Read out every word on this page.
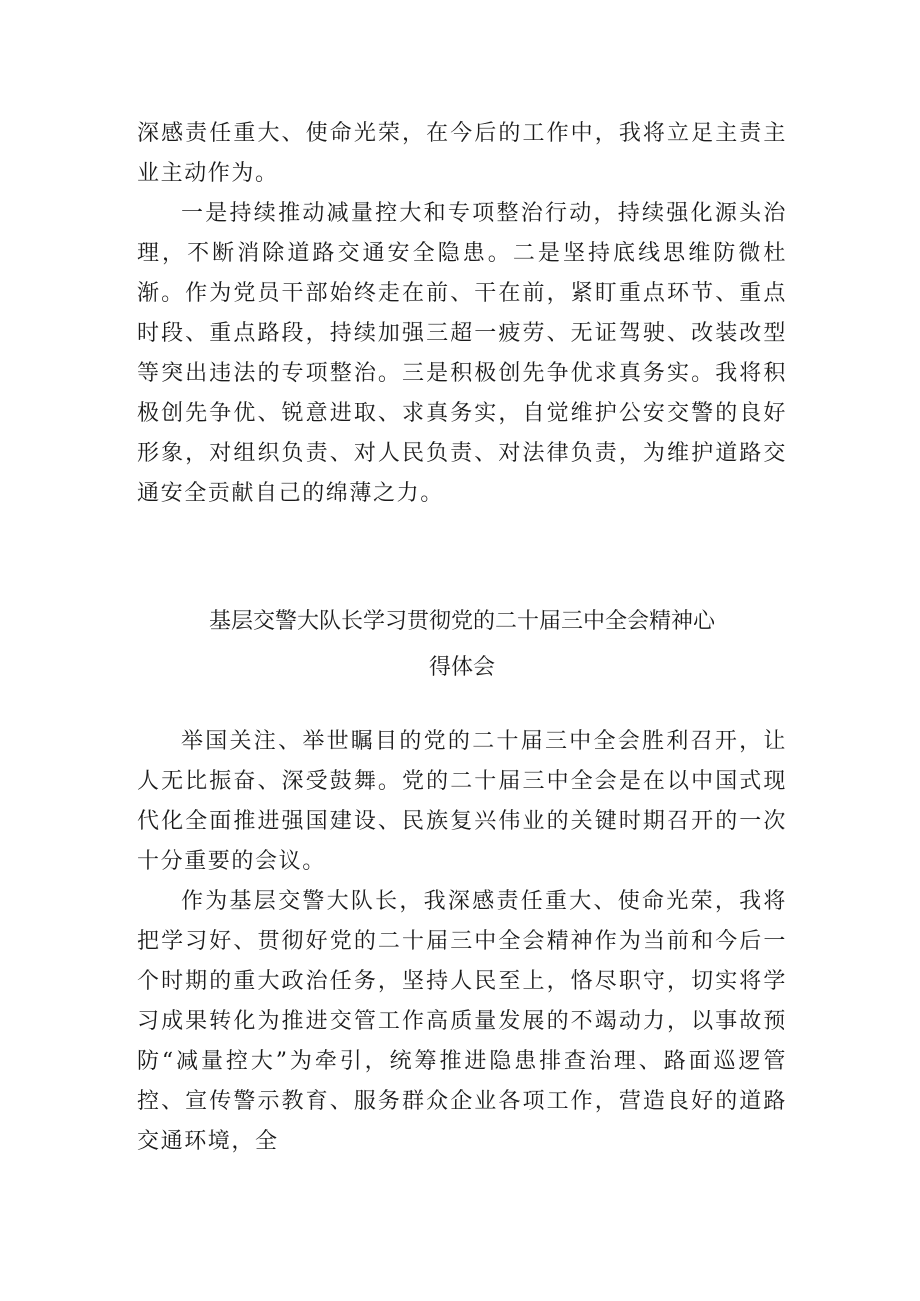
深感责任重大、使命光荣，在今后的工作中，我将立足主责主业主动作为。

一是持续推动减量控大和专项整治行动，持续强化源头治理，不断消除道路交通安全隐患。二是坚持底线思维防微杜渐。作为党员干部始终走在前、干在前，紧盯重点环节、重点时段、重点路段，持续加强三超一疲劳、无证驾驶、改装改型等突出违法的专项整治。三是积极创先争优求真务实。我将积极创先争优、锐意进取、求真务实，自觉维护公安交警的良好形象，对组织负责、对人民负责、对法律负责，为维护道路交通安全贡献自己的绵薄之力。

基层交警大队长学习贯彻党的二十届三中全会精神心
得体会

举国关注、举世瞩目的党的二十届三中全会胜利召开，让人无比振奋、深受鼓舞。党的二十届三中全会是在以中国式现代化全面推进强国建设、民族复兴伟业的关键时期召开的一次十分重要的会议。

作为基层交警大队长，我深感责任重大、使命光荣，我将把学习好、贯彻好党的二十届三中全会精神作为当前和今后一个时期的重大政治任务，坚持人民至上，恪尽职守，切实将学习成果转化为推进交管工作高质量发展的不竭动力，以事故预防“减量控大”为牵引，统筹推进隐患排查治理、路面巡逻管控、宣传警示教育、服务群众企业各项工作，营造良好的道路交通环境，全
